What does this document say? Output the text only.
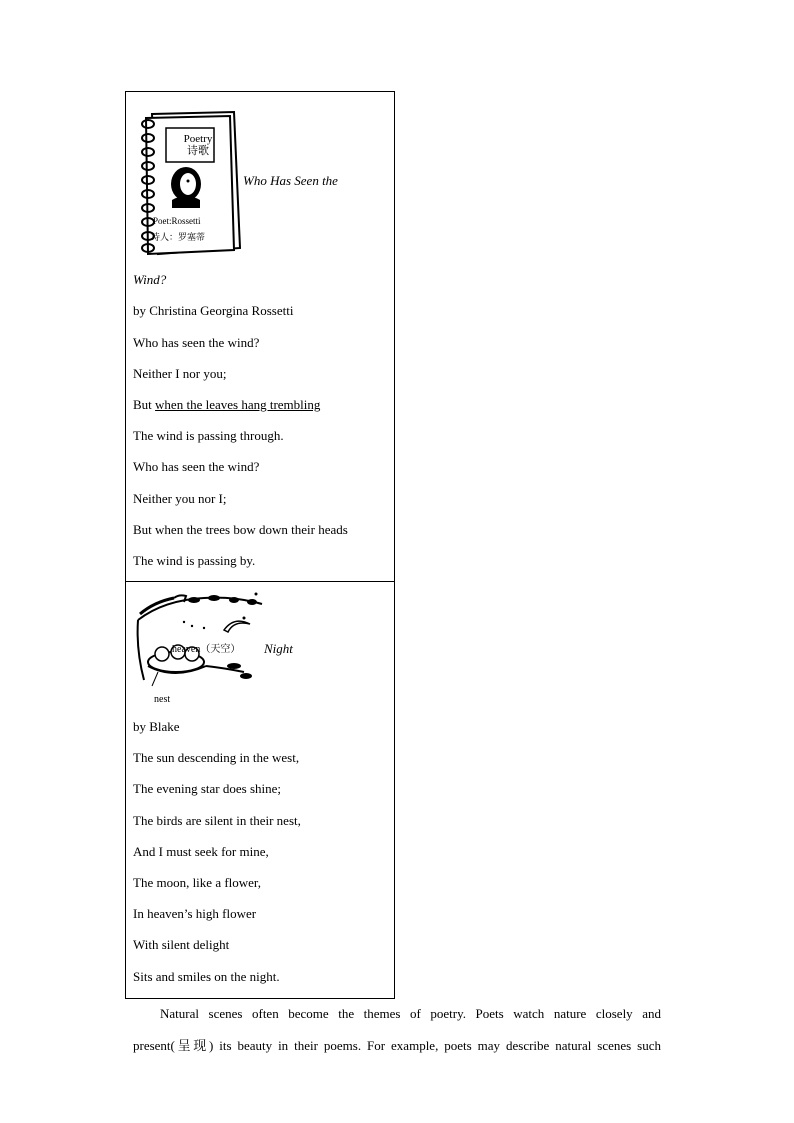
Poetry
诗歌
Poet:Rossetti
诗人：罗塞蒂
Who Has Seen the
Wind?
by Christina Georgina Rossetti
Who has seen the wind?
Neither I nor you;
But when the leaves hang trembling
The wind is passing through.
Who has seen the wind?
Neither you nor I;
But when the trees bow down their heads
The wind is passing by.
heaven（天空）
nest
Night
by Blake
The sun descending in the west,
The evening star does shine;
The birds are silent in their nest,
And I must seek for mine,
The moon, like a flower,
In heaven’s high flower
With silent delight
Sits and smiles on the night.
Natural scenes often become the themes of poetry. Poets watch nature closely and
present(呈现) its beauty in their poems. For example, poets may describe natural scenes such
